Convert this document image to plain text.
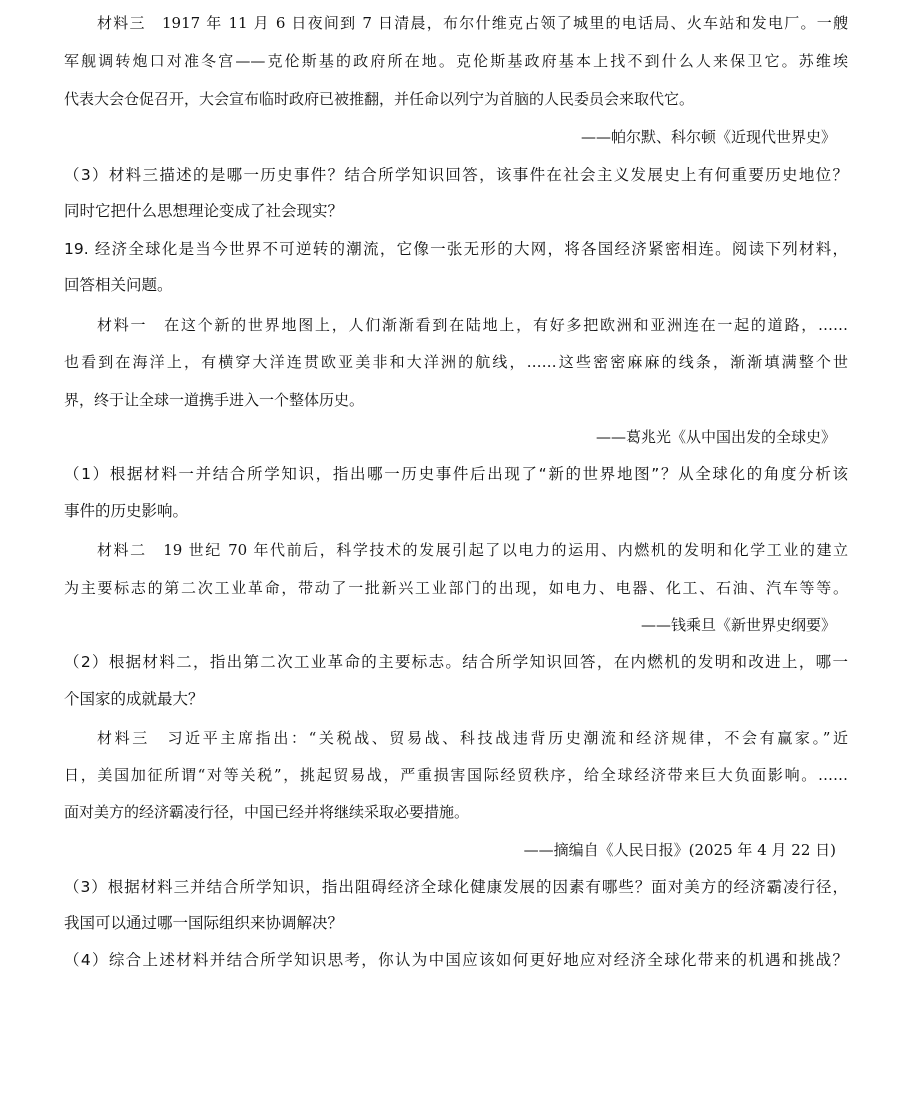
材料三　1917 年 11 月 6 日夜间到 7 日清晨，布尔什维克占领了城里的电话局、火车站和发电厂。一艘
军舰调转炮口对准冬宫——克伦斯基的政府所在地。克伦斯基政府基本上找不到什么人来保卫它。苏维埃
代表大会仓促召开，大会宣布临时政府已被推翻，并任命以列宁为首脑的人民委员会来取代它。
——帕尔默、科尔顿《近现代世界史》
（3）材料三描述的是哪一历史事件？结合所学知识回答，该事件在社会主义发展史上有何重要历史地位？
同时它把什么思想理论变成了社会现实？
19. 经济全球化是当今世界不可逆转的潮流，它像一张无形的大网，将各国经济紧密相连。阅读下列材料，
回答相关问题。
材料一　在这个新的世界地图上，人们渐渐看到在陆地上，有好多把欧洲和亚洲连在一起的道路，……
也看到在海洋上，有横穿大洋连贯欧亚美非和大洋洲的航线，……这些密密麻麻的线条，渐渐填满整个世
界，终于让全球一道携手进入一个整体历史。
——葛兆光《从中国出发的全球史》
（1）根据材料一并结合所学知识，指出哪一历史事件后出现了“新的世界地图”？从全球化的角度分析该
事件的历史影响。
材料二　19 世纪 70 年代前后，科学技术的发展引起了以电力的运用、内燃机的发明和化学工业的建立
为主要标志的第二次工业革命，带动了一批新兴工业部门的出现，如电力、电器、化工、石油、汽车等等。
——钱乘旦《新世界史纲要》
（2）根据材料二，指出第二次工业革命的主要标志。结合所学知识回答，在内燃机的发明和改进上，哪一
个国家的成就最大？
材料三　习近平主席指出：“关税战、贸易战、科技战违背历史潮流和经济规律，不会有赢家。”近
日，美国加征所谓“对等关税”，挑起贸易战，严重损害国际经贸秩序，给全球经济带来巨大负面影响。……
面对美方的经济霸凌行径，中国已经并将继续采取必要措施。
——摘编自《人民日报》(2025 年 4 月 22 日)
（3）根据材料三并结合所学知识，指出阻碍经济全球化健康发展的因素有哪些？面对美方的经济霸凌行径，
我国可以通过哪一国际组织来协调解决？
（4）综合上述材料并结合所学知识思考，你认为中国应该如何更好地应对经济全球化带来的机遇和挑战？
